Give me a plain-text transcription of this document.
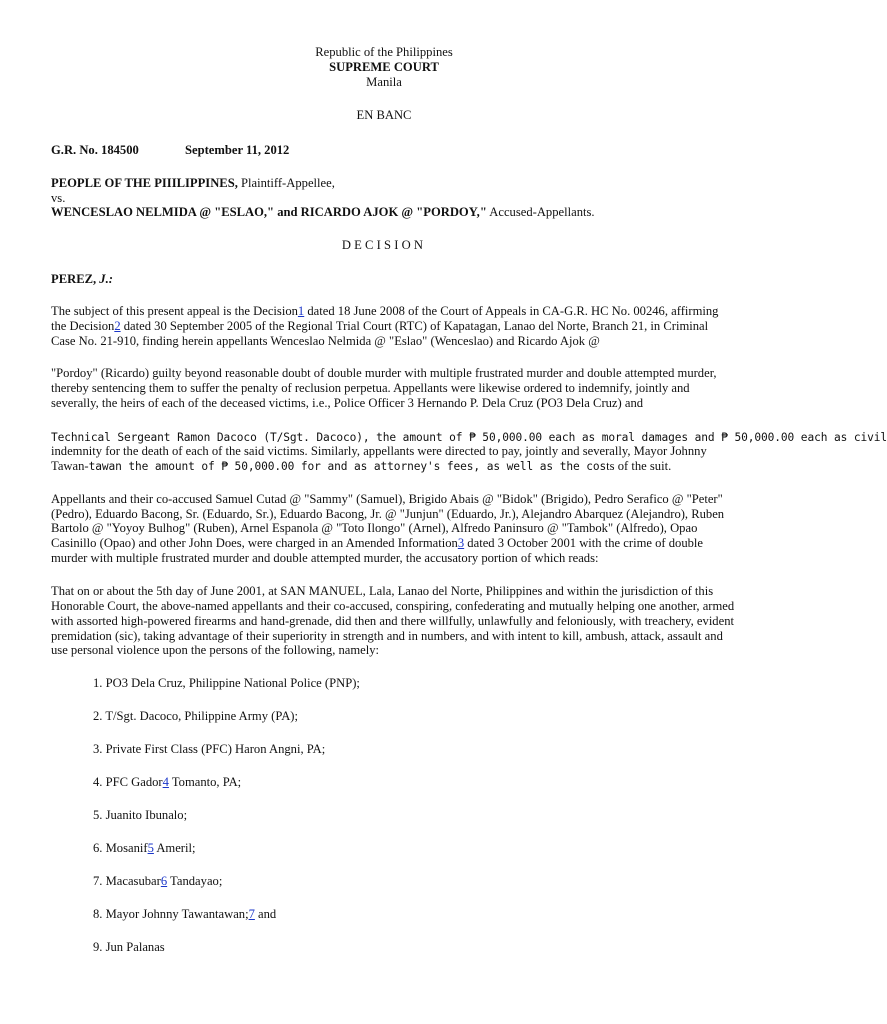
Republic of the Philippines
SUPREME COURT
Manila
EN BANC
G.R. No. 184500	September 11, 2012
PEOPLE OF THE PIIILIPPINES, Plaintiff-Appellee,
vs.
WENCESLAO NELMIDA @ "ESLAO," and RICARDO AJOK @ "PORDOY," Accused-Appellants.
DECISION
PEREZ, J.:
The subject of this present appeal is the Decision1 dated 18 June 2008 of the Court of Appeals in CA-G.R. HC No. 00246, affirming
the Decision2 dated 30 September 2005 of the Regional Trial Court (RTC) of Kapatagan, Lanao del Norte, Branch 21, in Criminal
Case No. 21-910, finding herein appellants Wenceslao Nelmida @ "Eslao" (Wenceslao) and Ricardo Ajok @
"Pordoy" (Ricardo) guilty beyond reasonable doubt of double murder with multiple frustrated murder and double attempted murder,
thereby sentencing them to suffer the penalty of reclusion perpetua. Appellants were likewise ordered to indemnify, jointly and
severally, the heirs of each of the deceased victims, i.e., Police Officer 3 Hernando P. Dela Cruz (PO3 Dela Cruz) and
Technical Sergeant Ramon Dacoco (T/Sgt. Dacoco), the amount of ₱ 50,000.00 each as moral damages and ₱ 50,000.00 each as civil
indemnity for the death of each of the said victims. Similarly, appellants were directed to pay, jointly and severally, Mayor Johnny
Tawan-tawan the amount of ₱ 50,000.00 for and as attorney's fees, as well as the costs of the suit.
Appellants and their co-accused Samuel Cutad @ "Sammy" (Samuel), Brigido Abais @ "Bidok" (Brigido), Pedro Serafico @ "Peter"
(Pedro), Eduardo Bacong, Sr. (Eduardo, Sr.), Eduardo Bacong, Jr. @ "Junjun" (Eduardo, Jr.), Alejandro Abarquez (Alejandro), Ruben
Bartolo @ "Yoyoy Bulhog" (Ruben), Arnel Espanola @ "Toto Ilongo" (Arnel), Alfredo Paninsuro @ "Tambok" (Alfredo), Opao
Casinillo (Opao) and other John Does, were charged in an Amended Information3 dated 3 October 2001 with the crime of double
murder with multiple frustrated murder and double attempted murder, the accusatory portion of which reads:
That on or about the 5th day of June 2001, at SAN MANUEL, Lala, Lanao del Norte, Philippines and within the jurisdiction of this
Honorable Court, the above-named appellants and their co-accused, conspiring, confederating and mutually helping one another, armed
with assorted high-powered firearms and hand-grenade, did then and there willfully, unlawfully and feloniously, with treachery, evident
premidation (sic), taking advantage of their superiority in strength and in numbers, and with intent to kill, ambush, attack, assault and
use personal violence upon the persons of the following, namely:
1. PO3 Dela Cruz, Philippine National Police (PNP);
2. T/Sgt. Dacoco, Philippine Army (PA);
3. Private First Class (PFC) Haron Angni, PA;
4. PFC Gador4 Tomanto, PA;
5. Juanito Ibunalo;
6. Mosanif5 Ameril;
7. Macasubar6 Tandayao;
8. Mayor Johnny Tawantawan;7 and
9. Jun Palanas
